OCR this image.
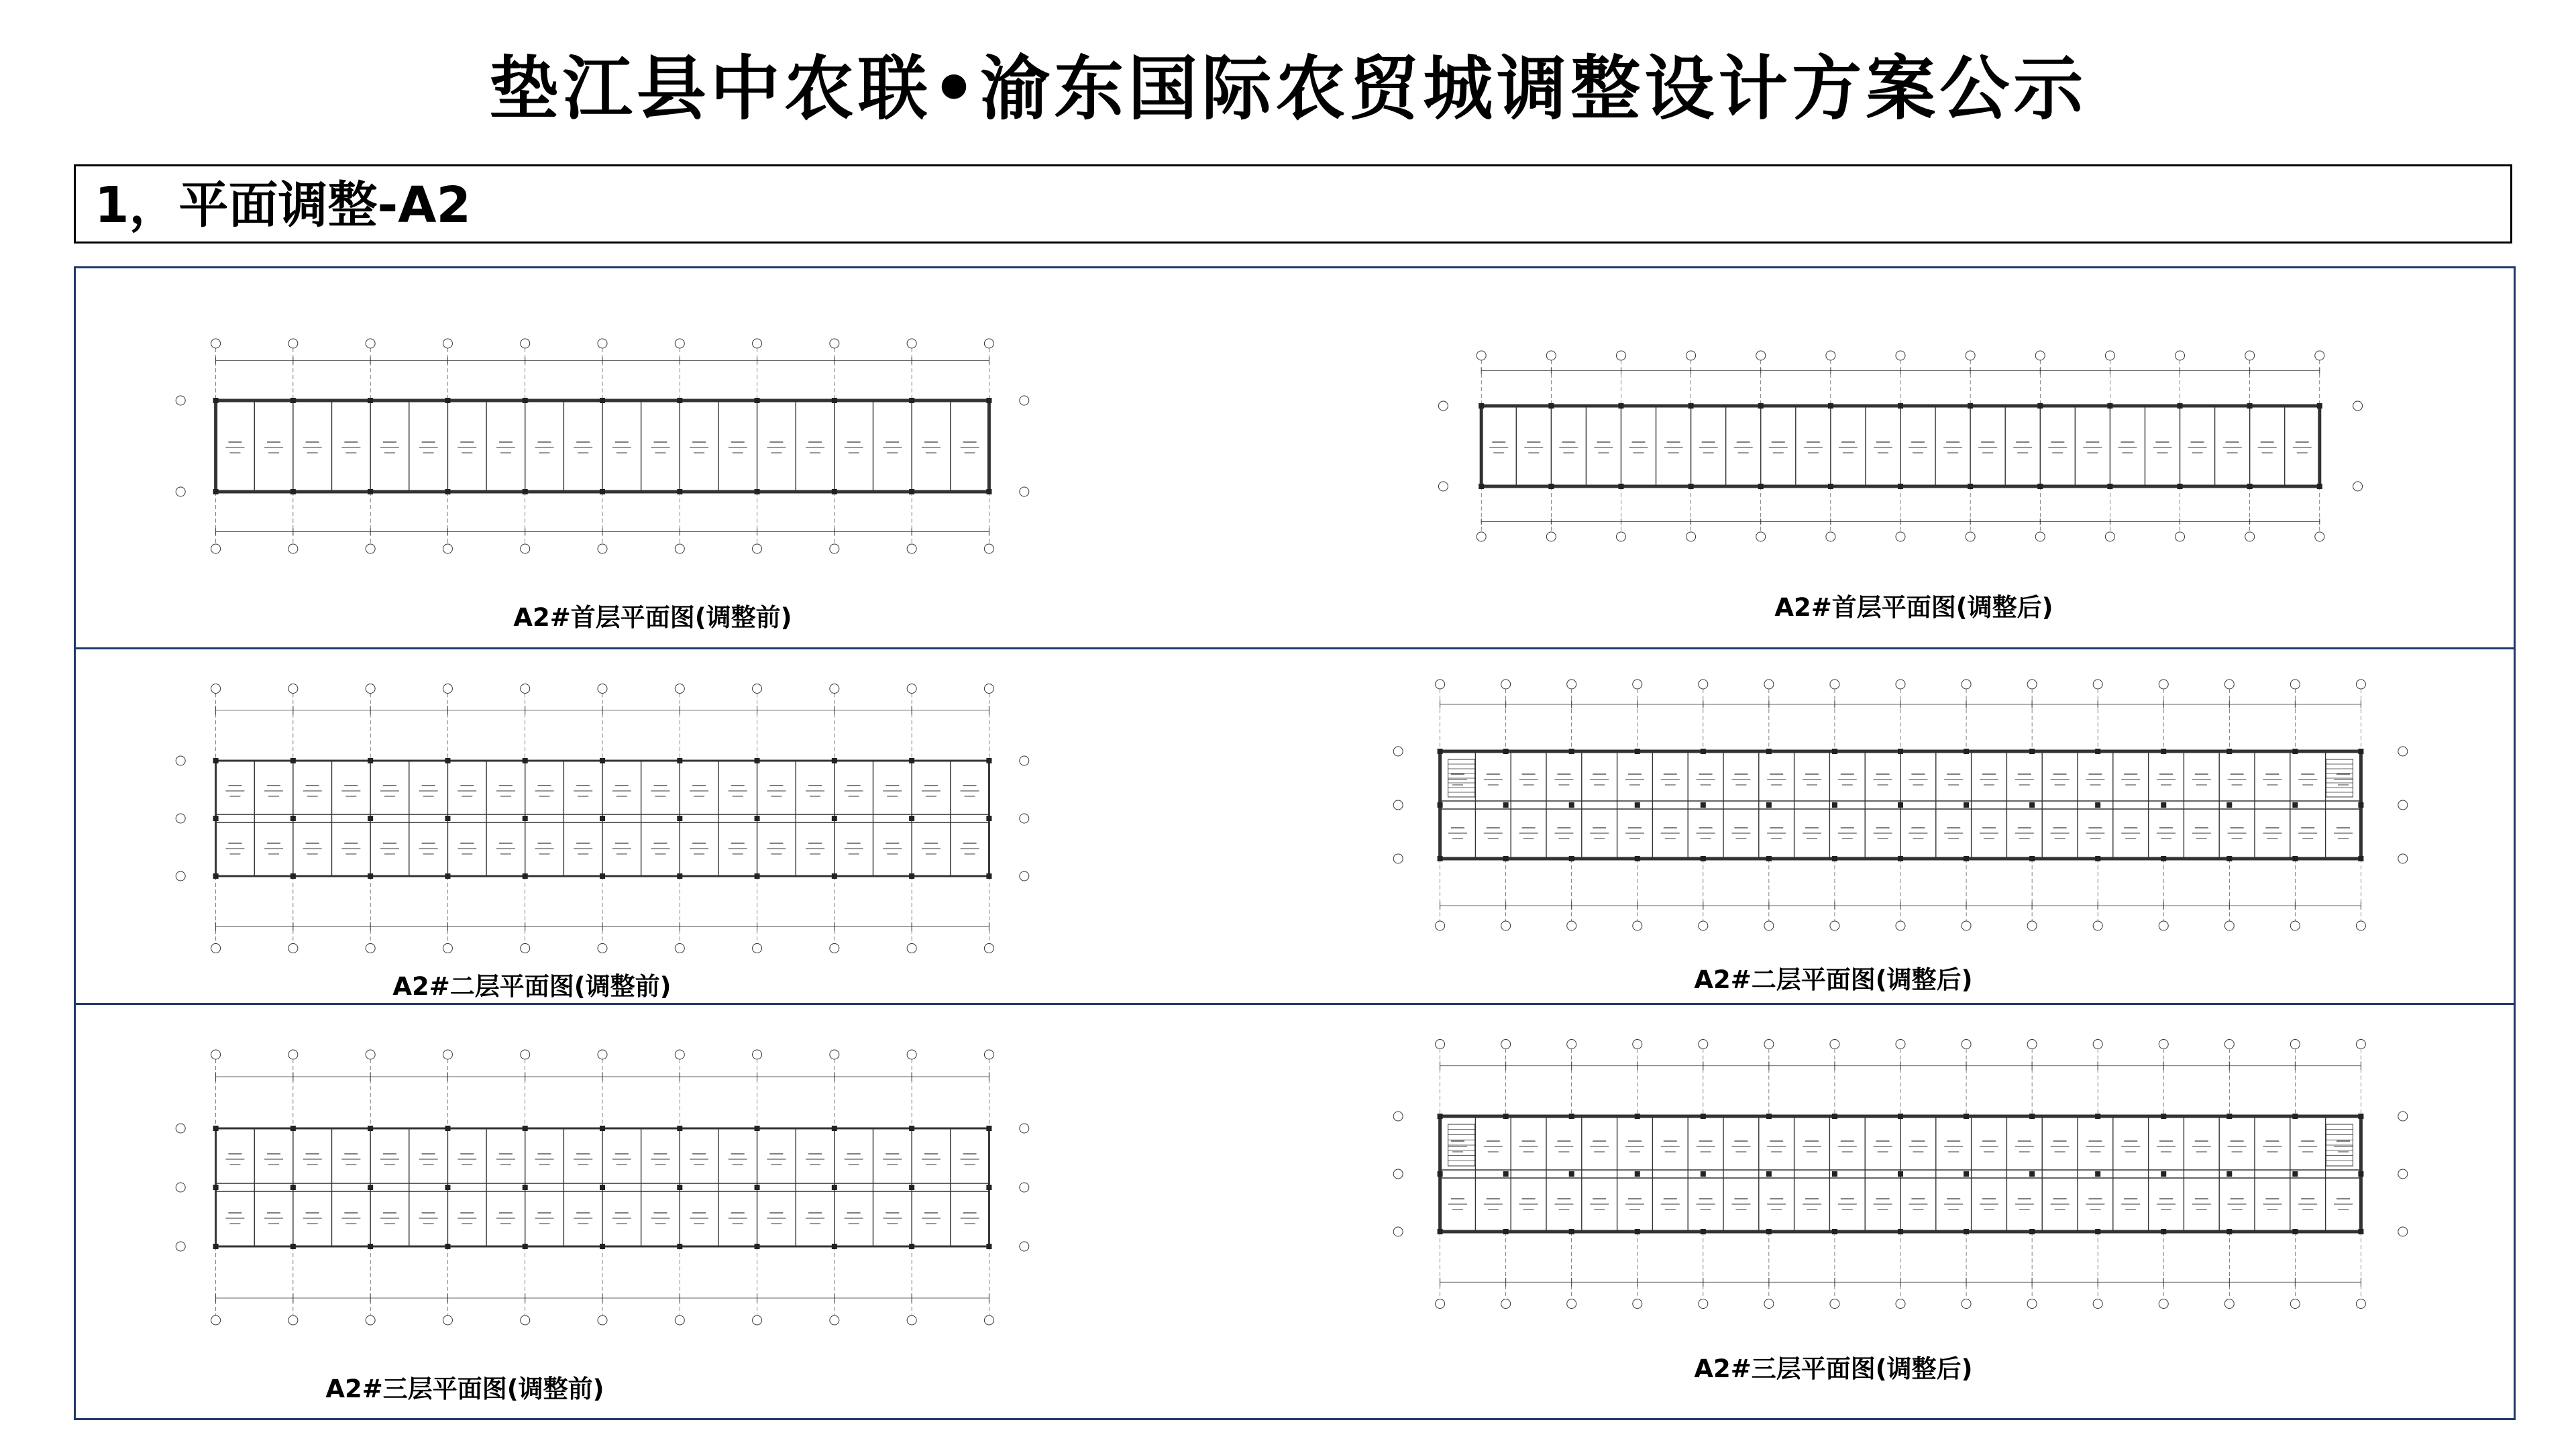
垫江县中农联•渝东国际农贸城调整设计方案公示
1，平面调整-A2
A2#首层平面图(调整前)	A2#首层平面图(调整后)
A2#二层平面图(调整前)	A2#二层平面图(调整后)
A2#三层平面图(调整前)
A2#三层平面图(调整后)
